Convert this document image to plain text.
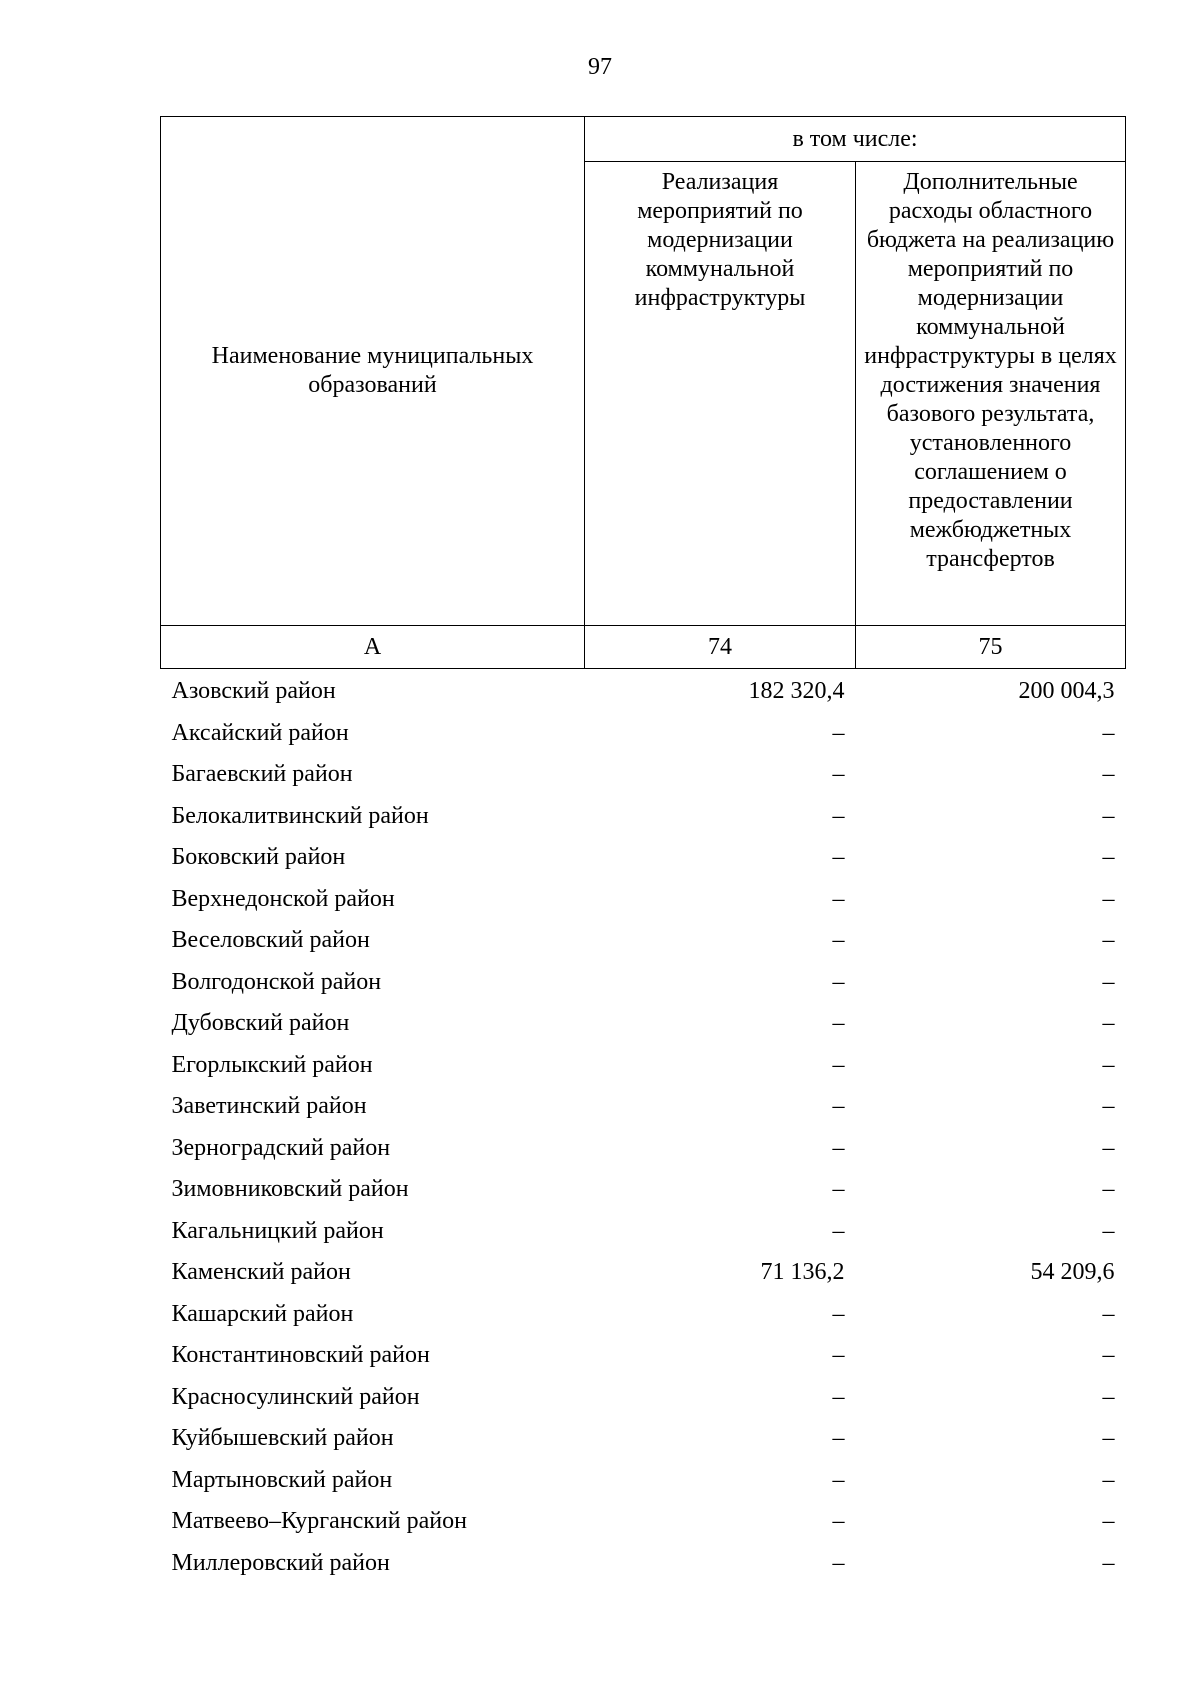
97
Наименование муниципальных образований	в том числе:	
	Реализация мероприятий по модернизации коммунальной инфраструктуры	Дополнительные расходы областного бюджета на реализацию мероприятий по модернизации коммунальной инфраструктуры в целях достижения значения базового результата, установленного соглашением о предоставлении межбюджетных трансфертов
А	74	75
Азовский район	182 320,4	200 004,3
Аксайский район	–	–
Багаевский район	–	–
Белокалитвинский район	–	–
Боковский район	–	–
Верхнедонской район	–	–
Веселовский район	–	–
Волгодонской район	–	–
Дубовский район	–	–
Егорлыкский район	–	–
Заветинский район	–	–
Зерноградский район	–	–
Зимовниковский район	–	–
Кагальницкий район	–	–
Каменский район	71 136,2	54 209,6
Кашарский район	–	–
Константиновский район	–	–
Красносулинский район	–	–
Куйбышевский район	–	–
Мартыновский район	–	–
Матвеево–Курганский район	–	–
Миллеровский район	–	–
